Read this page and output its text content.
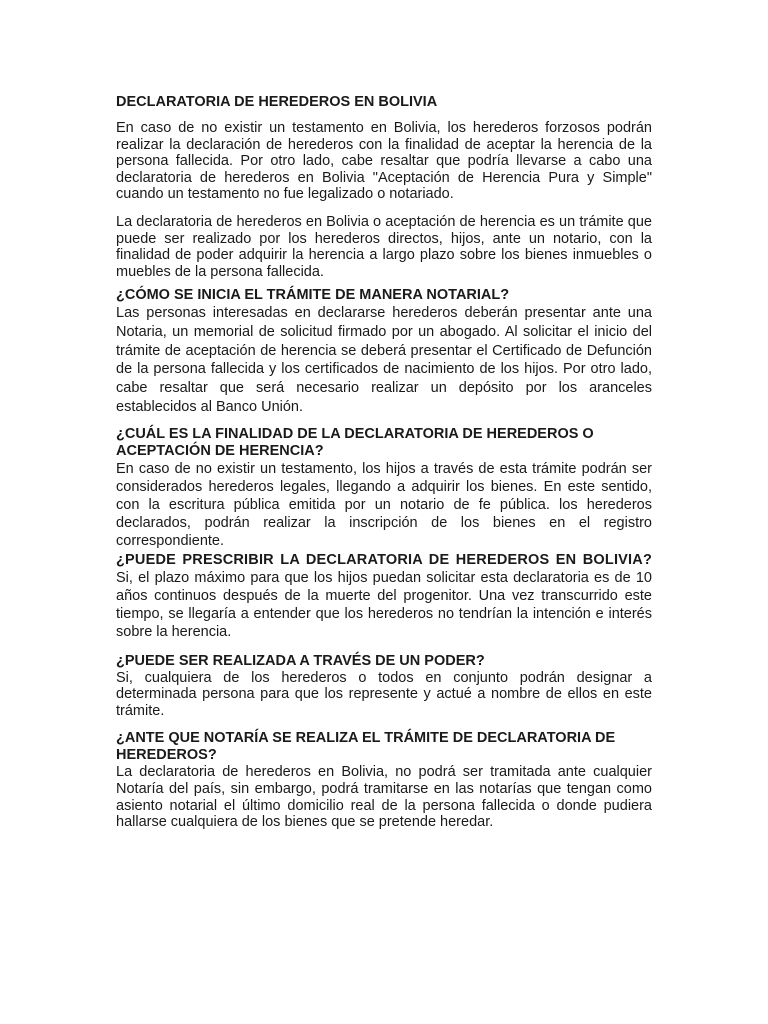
DECLARATORIA DE HEREDEROS EN BOLIVIA

En caso de no existir un testamento en Bolivia, los herederos forzosos podrán realizar la declaración de herederos con la finalidad de aceptar la herencia de la persona fallecida. Por otro lado, cabe resaltar que podría llevarse a cabo una declaratoria de herederos en Bolivia "Aceptación de Herencia Pura y Simple" cuando un testamento no fue legalizado o notariado.

La declaratoria de herederos en Bolivia o aceptación de herencia es un trámite que puede ser realizado por los herederos directos, hijos, ante un notario, con la finalidad de poder adquirir la herencia a largo plazo sobre los bienes inmuebles o muebles de la persona fallecida.

¿CÓMO SE INICIA EL TRÁMITE DE MANERA NOTARIAL?

Las personas interesadas en declararse herederos deberán presentar ante una Notaria, un memorial de solicitud firmado por un abogado. Al solicitar el inicio del trámite de aceptación de herencia se deberá presentar el Certificado de Defunción de la persona fallecida y los certificados de nacimiento de los hijos. Por otro lado, cabe resaltar que será necesario realizar un depósito por los aranceles establecidos al Banco Unión.

¿CUÁL ES LA FINALIDAD DE LA DECLARATORIA DE HEREDEROS O ACEPTACIÓN DE HERENCIA?

En caso de no existir un testamento, los hijos a través de esta trámite podrán ser considerados herederos legales, llegando a adquirir los bienes. En este sentido, con la escritura pública emitida por un notario de fe pública. los herederos declarados, podrán realizar la inscripción de los bienes en el registro correspondiente.

¿PUEDE PRESCRIBIR LA DECLARATORIA DE HEREDEROS EN BOLIVIA? Si, el plazo máximo para que los hijos puedan solicitar esta declaratoria es de 10 años continuos después de la muerte del progenitor. Una vez transcurrido este tiempo, se llegaría a entender que los herederos no tendrían la intención e interés sobre la herencia.

¿PUEDE SER REALIZADA A TRAVÉS DE UN PODER?

Si, cualquiera de los herederos o todos en conjunto podrán designar a determinada persona para que los represente y actué a nombre de ellos en este trámite.

¿ANTE QUE NOTARÍA SE REALIZA EL TRÁMITE DE DECLARATORIA DE HEREDEROS?

La declaratoria de herederos en Bolivia, no podrá ser tramitada ante cualquier Notaría del país, sin embargo, podrá tramitarse en las notarías que tengan como asiento notarial el último domicilio real de la persona fallecida o donde pudiera hallarse cualquiera de los bienes que se pretende heredar.
